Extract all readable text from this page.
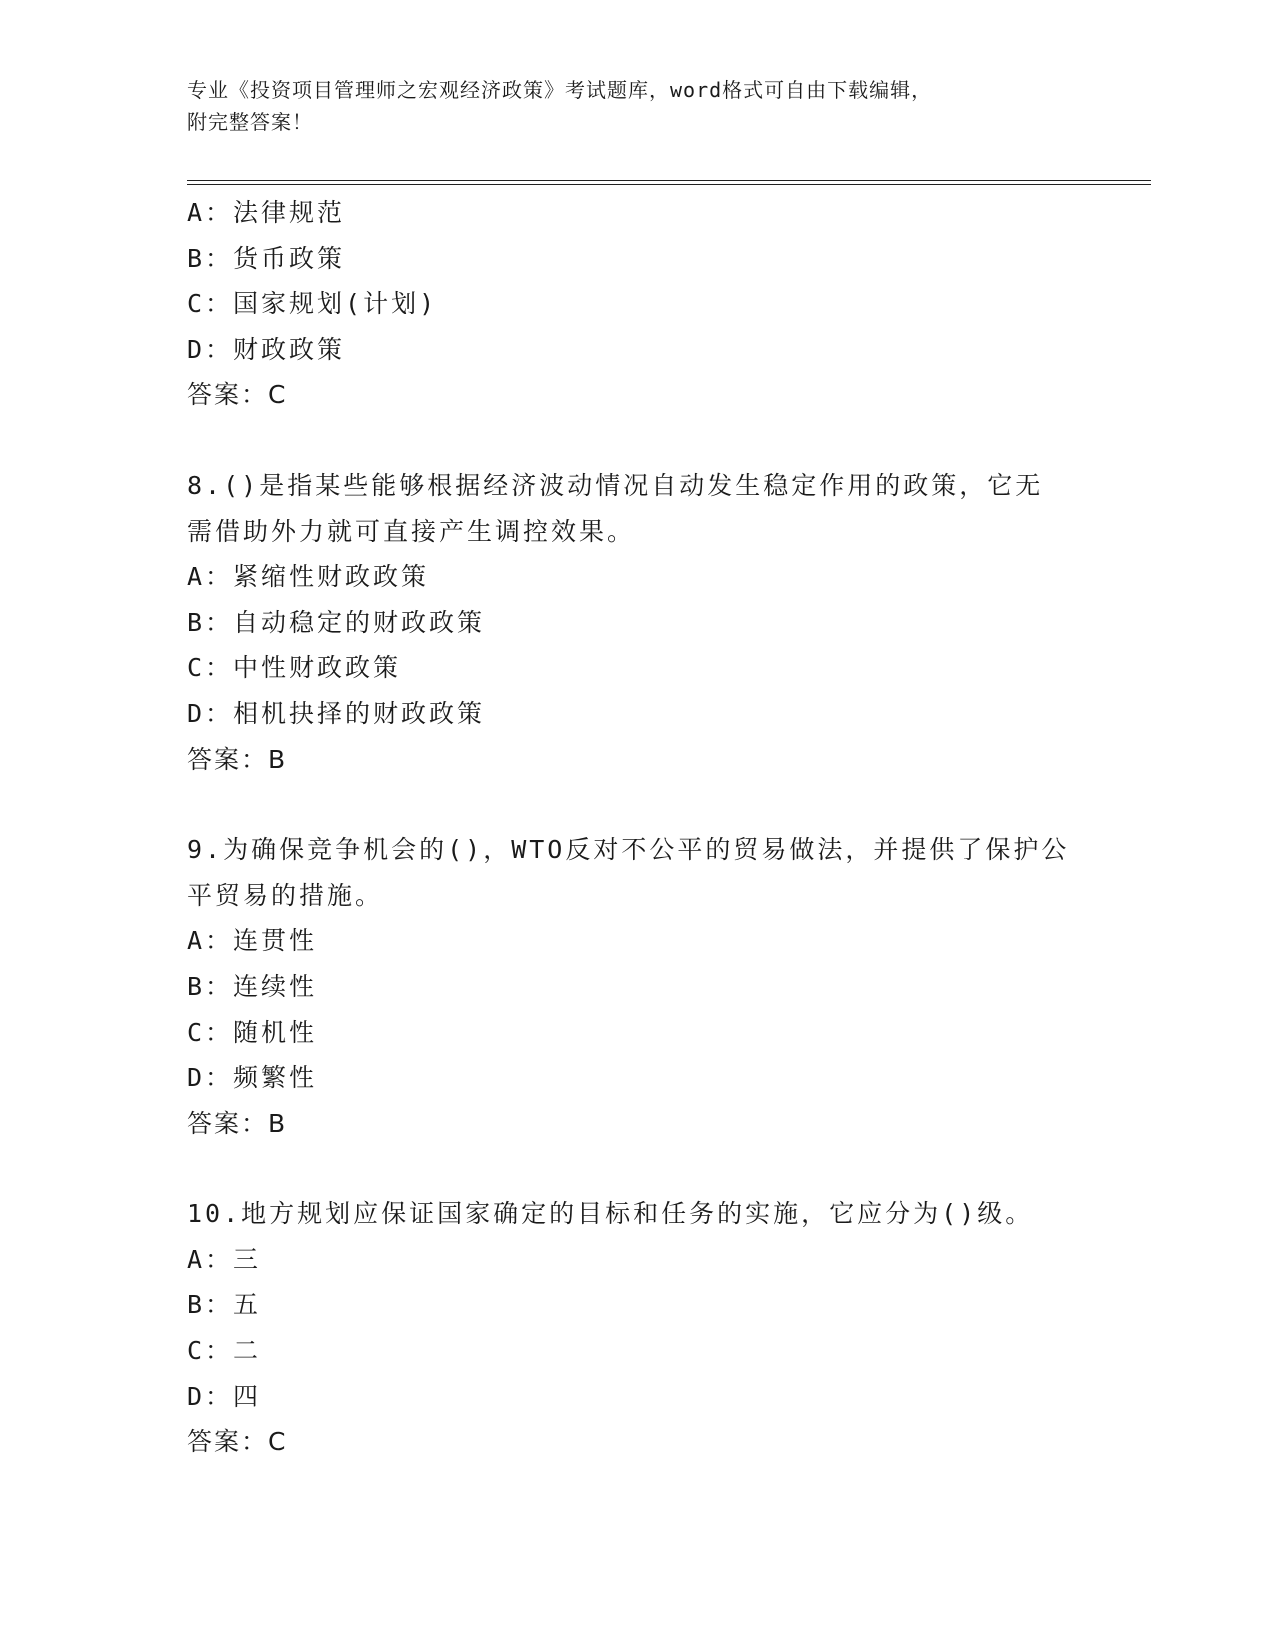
专业《投资项目管理师之宏观经济政策》考试题库，word格式可自由下载编辑，
附完整答案！
A：法律规范
B：货币政策
C：国家规划(计划)
D：财政政策
答案：C
8.()是指某些能够根据经济波动情况自动发生稳定作用的政策，它无
需借助外力就可直接产生调控效果。
A：紧缩性财政政策
B：自动稳定的财政政策
C：中性财政政策
D：相机抉择的财政政策
答案：B
9.为确保竞争机会的()，WTO反对不公平的贸易做法，并提供了保护公
平贸易的措施。
A：连贯性
B：连续性
C：随机性
D：频繁性
答案：B
10.地方规划应保证国家确定的目标和任务的实施，它应分为()级。
A：三
B：五
C：二
D：四
答案：C
